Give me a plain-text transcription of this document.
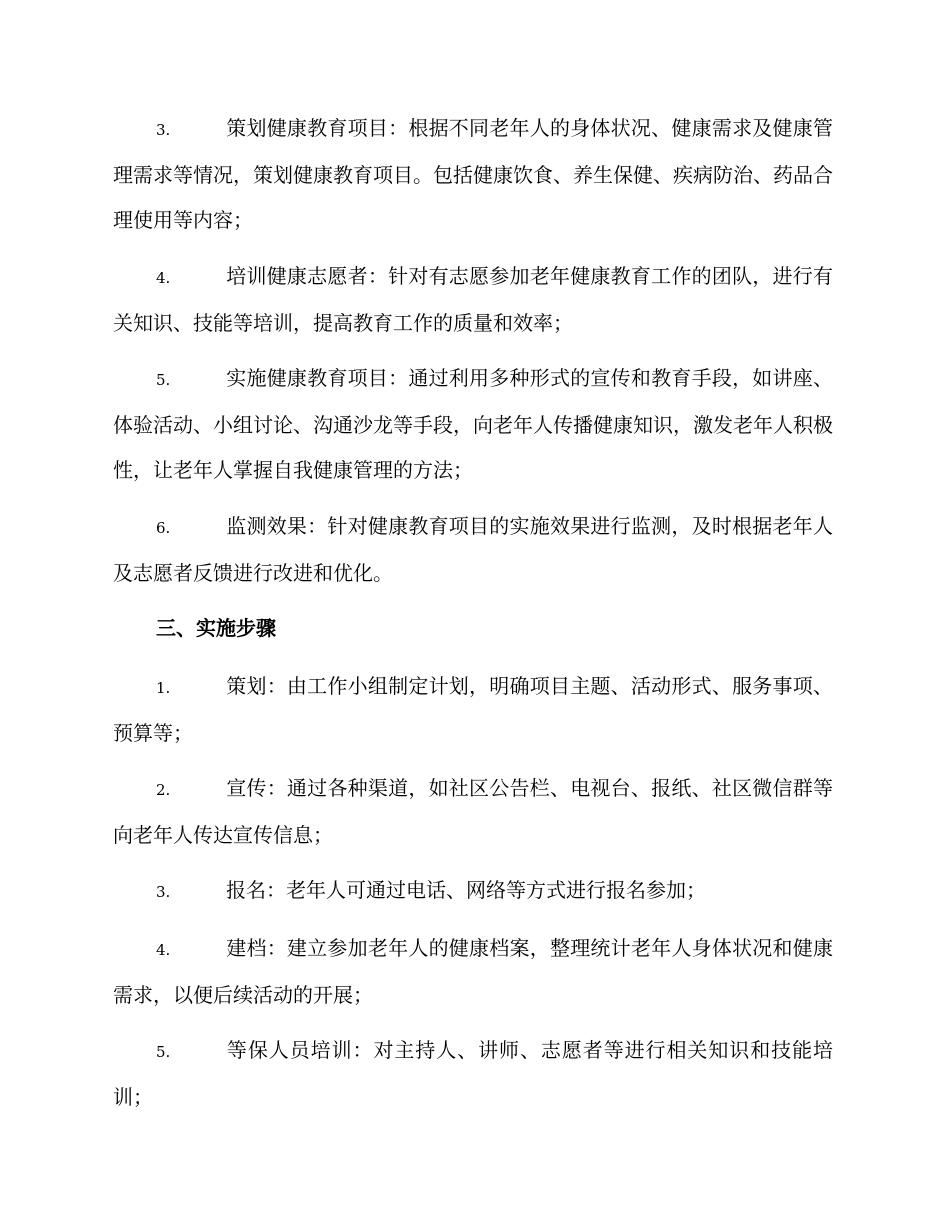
3.	策划健康教育项目：根据不同老年人的身体状况、健康需求及健康管理需求等情况，策划健康教育项目。包括健康饮食、养生保健、疾病防治、药品合理使用等内容；

4.	培训健康志愿者：针对有志愿参加老年健康教育工作的团队，进行有关知识、技能等培训，提高教育工作的质量和效率；

5.	实施健康教育项目：通过利用多种形式的宣传和教育手段，如讲座、体验活动、小组讨论、沟通沙龙等手段，向老年人传播健康知识，激发老年人积极性，让老年人掌握自我健康管理的方法；

6.	监测效果：针对健康教育项目的实施效果进行监测，及时根据老年人及志愿者反馈进行改进和优化。

三、实施步骤

1.	策划：由工作小组制定计划，明确项目主题、活动形式、服务事项、预算等；

2.	宣传：通过各种渠道，如社区公告栏、电视台、报纸、社区微信群等向老年人传达宣传信息；

3.	报名：老年人可通过电话、网络等方式进行报名参加；

4.	建档：建立参加老年人的健康档案，整理统计老年人身体状况和健康需求，以便后续活动的开展；

5.	等保人员培训：对主持人、讲师、志愿者等进行相关知识和技能培训；
